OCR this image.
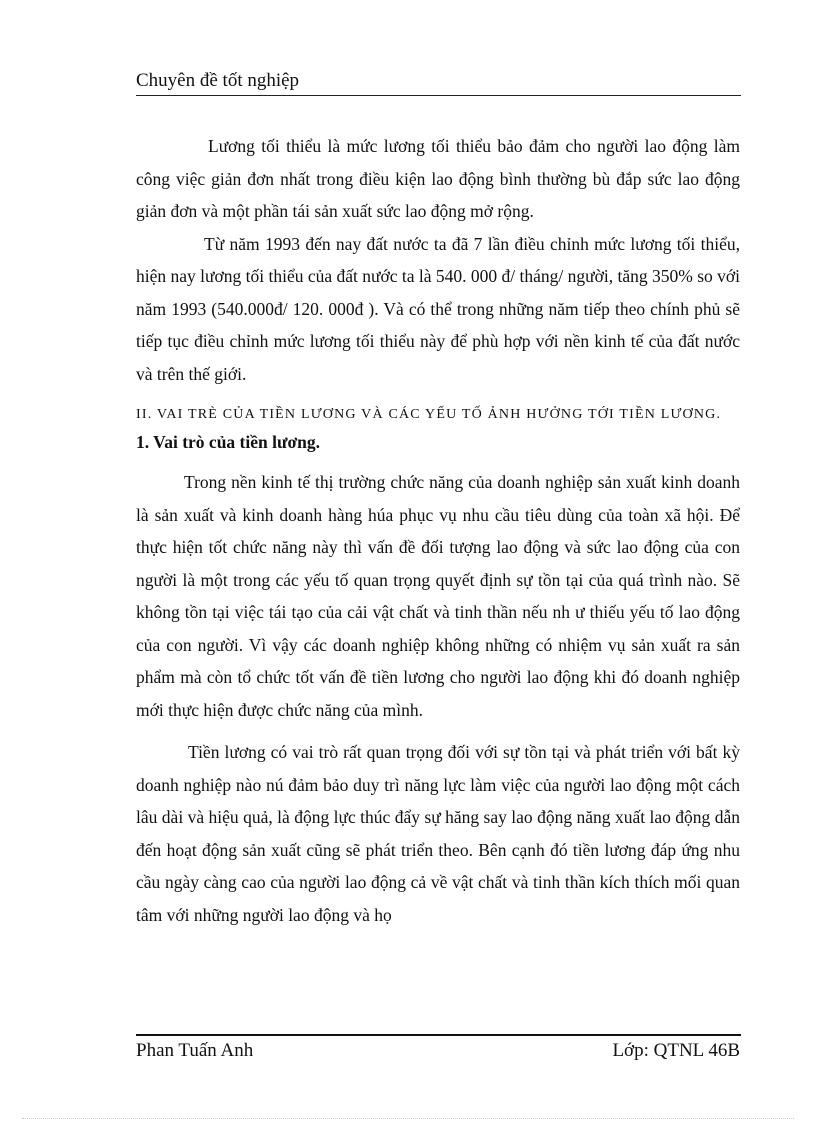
Chuyên đề tốt nghiệp

Lương tối thiểu là mức lương tối thiểu bảo đảm cho người lao động làm công việc giản đơn nhất trong điều kiện lao động bình thường bù đắp sức lao động giản đơn và một phần tái sản xuất sức lao động mở rộng.

Từ năm 1993 đến nay đất nước ta đã 7 lần điều chỉnh mức lương tối thiểu, hiện nay lương tối thiểu của đất nước ta là 540. 000 đ/ tháng/ người, tăng 350% so với năm 1993 (540.000đ/ 120. 000đ ). Và có thể trong những năm tiếp theo chính phủ sẽ tiếp tục điều chỉnh mức lương tối thiểu này để phù hợp với nền kinh tế của đất nước và trên thế giới.

II. VAI TRÈ CỦA TIỀN LƯƠNG VÀ CÁC YẾU TỐ ẢNH HƯỞNG TỚI TIỀN LƯƠNG.
1. Vai trò của tiền lương.

Trong nền kinh tế thị trường chức năng của doanh nghiệp sản xuất kinh doanh là sản xuất và kinh doanh hàng húa phục vụ nhu cầu tiêu dùng của toàn xã hội. Để thực hiện tốt chức năng này thì vấn đề đối tượng lao động và sức lao động của con người là một trong các yếu tố quan trọng quyết định sự tồn tại của quá trình nào. Sẽ không tồn tại việc tái tạo của cải vật chất và tinh thần nếu nh ư thiếu yếu tố lao động của con người. Vì vậy các doanh nghiệp không những có nhiệm vụ sản xuất ra sản phẩm mà còn tổ chức tốt vấn đề tiền lương cho người lao động khi đó doanh nghiệp mới thực hiện được chức năng của mình.

Tiền lương có vai trò rất quan trọng đối với sự tồn tại và phát triển với bất kỳ doanh nghiệp nào nú đảm bảo duy trì năng lực làm việc của người lao động một cách lâu dài và hiệu quả, là động lực thúc đẩy sự hăng say lao động năng xuất lao động dẫn đến hoạt động sản xuất cũng sẽ phát triển theo. Bên cạnh đó tiền lương đáp ứng nhu cầu ngày càng cao của người lao động cả về vật chất và tinh thần kích thích mối quan tâm với những người lao động và họ

Phan Tuấn Anh	Lớp: QTNL 46B
